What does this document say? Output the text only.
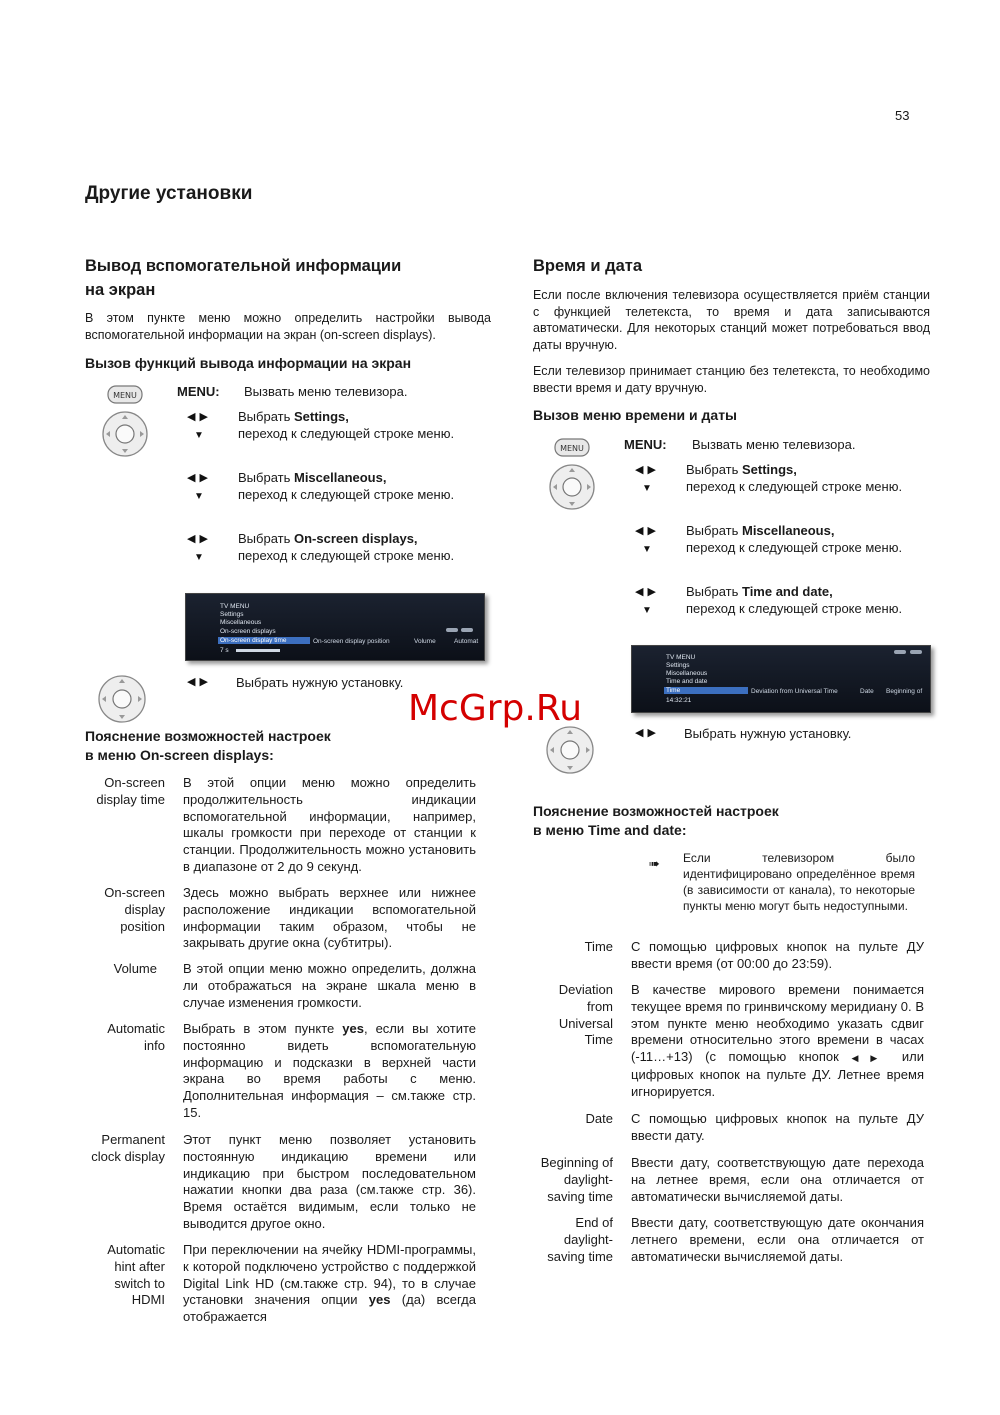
53
Другие установки
Вывод вспомогательной информации
на экран
В этом пункте меню можно определить настройки вывода вспомогательной информации на экран (on-screen displays).
Вызов функций вывода информации на экран
MENU	MENU: Вызвать меню телевизора.
◀▶
▼
Выбрать Settings,
переход к следующей строке меню.
◀▶
▼
Выбрать Miscellaneous,
переход к следующей строке меню.
◀▶
▼
Выбрать On-screen displays,
переход к следующей строке меню.
TV MENU
Settings
Miscellaneous
On-screen displays
On-screen display time	On-screen display position	Volume	Automat
7 s
◀▶ Выбрать нужную установку.
Пояснение возможностей настроек
в меню On-screen displays:
On-screen display time
В этой опции меню можно определить продолжительность индикации вспомогательной информации, например, шкалы громкости при переходе от станции к станции. Продолжительность можно установить в диапазоне от 2 до 9 секунд.
On-screen display position
Здесь можно выбрать верхнее или нижнее расположение индикации вспомогательной информации таким образом, чтобы не закрывать другие окна (субтитры).
Volume В этой опции меню можно определить, должна ли отображаться на экране шкала меню в случае изменения громкости.
Automatic info
Выбрать в этом пункте yes, если вы хотите постоянно видеть вспомогательную информацию и подсказки в верхней части экрана во время работы с меню. Дополнительная информация – см.также стр. 15.
Permanent clock display
Этот пункт меню позволяет установить постоянную индикацию времени или индикацию при быстром последовательном нажатии кнопки два раза (см.также стр. 36). Время остаётся видимым, если только не выводится другое окно.
Automatic hint after switch to HDMI
При переключении на ячейку HDMI-программы, к которой подключено устройство с поддержкой Digital Link HD (см.также стр. 94), то в случае установки значения опции yes (да) всегда отображается
Время и дата
Если после включения телевизора осуществляется приём станции с функцией телетекста, то время и дата записываются автоматически. Для некоторых станций может потребоваться ввод даты вручную.
Если телевизор принимает станцию без телетекста, то необходимо ввести время и дату вручную.
Вызов меню времени и даты
MENU	MENU: Вызвать меню телевизора.
◀▶
▼
Выбрать Settings,
переход к следующей строке меню.
◀▶
▼
Выбрать Miscellaneous,
переход к следующей строке меню.
◀▶
▼
Выбрать Time and date,
переход к следующей строке меню.
TV MENU
Settings
Miscellaneous
Time and date
Time	Deviation from Universal Time	Date Beginning of
14:32:21
◀▶ Выбрать нужную установку.
Пояснение возможностей настроек
в меню Time and date:
➠ Если телевизором было идентифицировано определённое время (в зависимости от канала), то некоторые пункты меню могут быть недоступными.
Time С помощью цифровых кнопок на пульте ДУ ввести время (от 00:00 до 23:59).
Deviation from Universal Time
В качестве мирового времени понимается текущее время по гринвичскому меридиану 0. В этом пункте меню необходимо указать сдвиг времени относительно этого времени в часах (-11…+13) (с помощью кнопок ◀▶ или цифровых кнопок на пульте ДУ. Летнее время игнорируется.
Date С помощью цифровых кнопок на пульте ДУ ввести дату.
Beginning of daylight-saving time
Ввести дату, соответствующую дате перехода на летнее время, если она отличается от автоматически вычисляемой даты.
End of daylight-saving time
Ввести дату, соответствующую дате окончания летнего времени, если она отличается от автоматически вычисляемой даты.
McGrp.Ru
